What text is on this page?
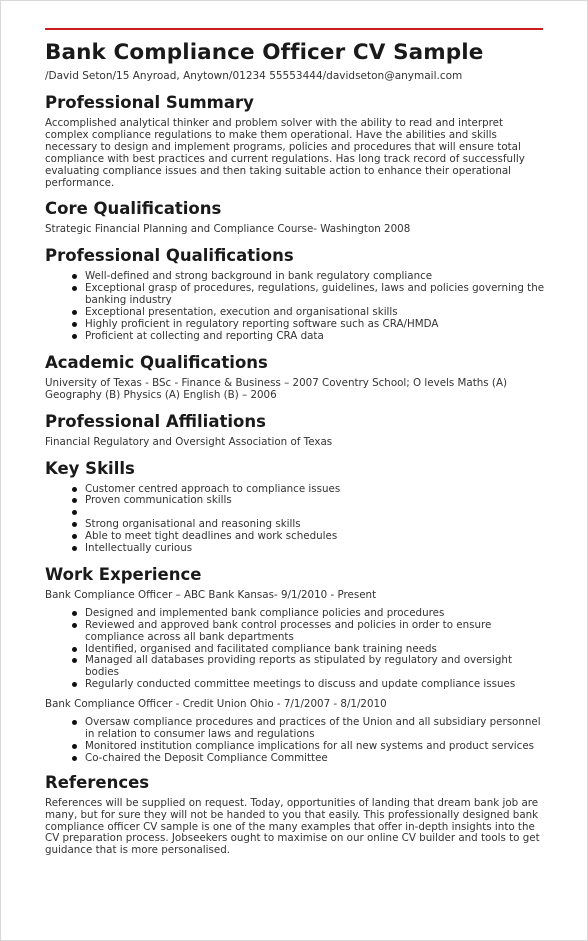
Bank Compliance Officer CV Sample
/David Seton/15 Anyroad, Anytown/01234 55553444/davidseton@anymail.com
Professional Summary

Accomplished analytical thinker and problem solver with the ability to read and interpret complex compliance regulations to make them operational. Have the abilities and skills necessary to design and implement programs, policies and procedures that will ensure total compliance with best practices and current regulations. Has long track record of successfully evaluating compliance issues and then taking suitable action to enhance their operational performance.

Core Qualifications

Strategic Financial Planning and Compliance Course- Washington 2008

Professional Qualifications
Well-defined and strong background in bank regulatory compliance
Exceptional grasp of procedures, regulations, guidelines, laws and policies governing the banking industry
Exceptional presentation, execution and organisational skills
Highly proficient in regulatory reporting software such as CRA/HMDA
Proficient at collecting and reporting CRA data
Academic Qualifications

University of Texas - BSc - Finance & Business – 2007 Coventry School; O levels Maths (A) Geography (B) Physics (A) English (B) – 2006

Professional Affiliations

Financial Regulatory and Oversight Association of Texas

Key Skills
Customer centred approach to compliance issues
Proven communication skills
Strong organisational and reasoning skills
Able to meet tight deadlines and work schedules
Intellectually curious
Work Experience

Bank Compliance Officer – ABC Bank Kansas- 9/1/2010 - Present

Designed and implemented bank compliance policies and procedures
Reviewed and approved bank control processes and policies in order to ensure compliance across all bank departments
Identified, organised and facilitated compliance bank training needs
Managed all databases providing reports as stipulated by regulatory and oversight bodies
Regularly conducted committee meetings to discuss and update compliance issues

Bank Compliance Officer - Credit Union Ohio - 7/1/2007 - 8/1/2010

Oversaw compliance procedures and practices of the Union and all subsidiary personnel in relation to consumer laws and regulations
Monitored institution compliance implications for all new systems and product services
Co-chaired the Deposit Compliance Committee
References

References will be supplied on request. Today, opportunities of landing that dream bank job are many, but for sure they will not be handed to you that easily. This professionally designed bank compliance officer CV sample is one of the many examples that offer in-depth insights into the CV preparation process. Jobseekers ought to maximise on our online CV builder and tools to get guidance that is more personalised.
